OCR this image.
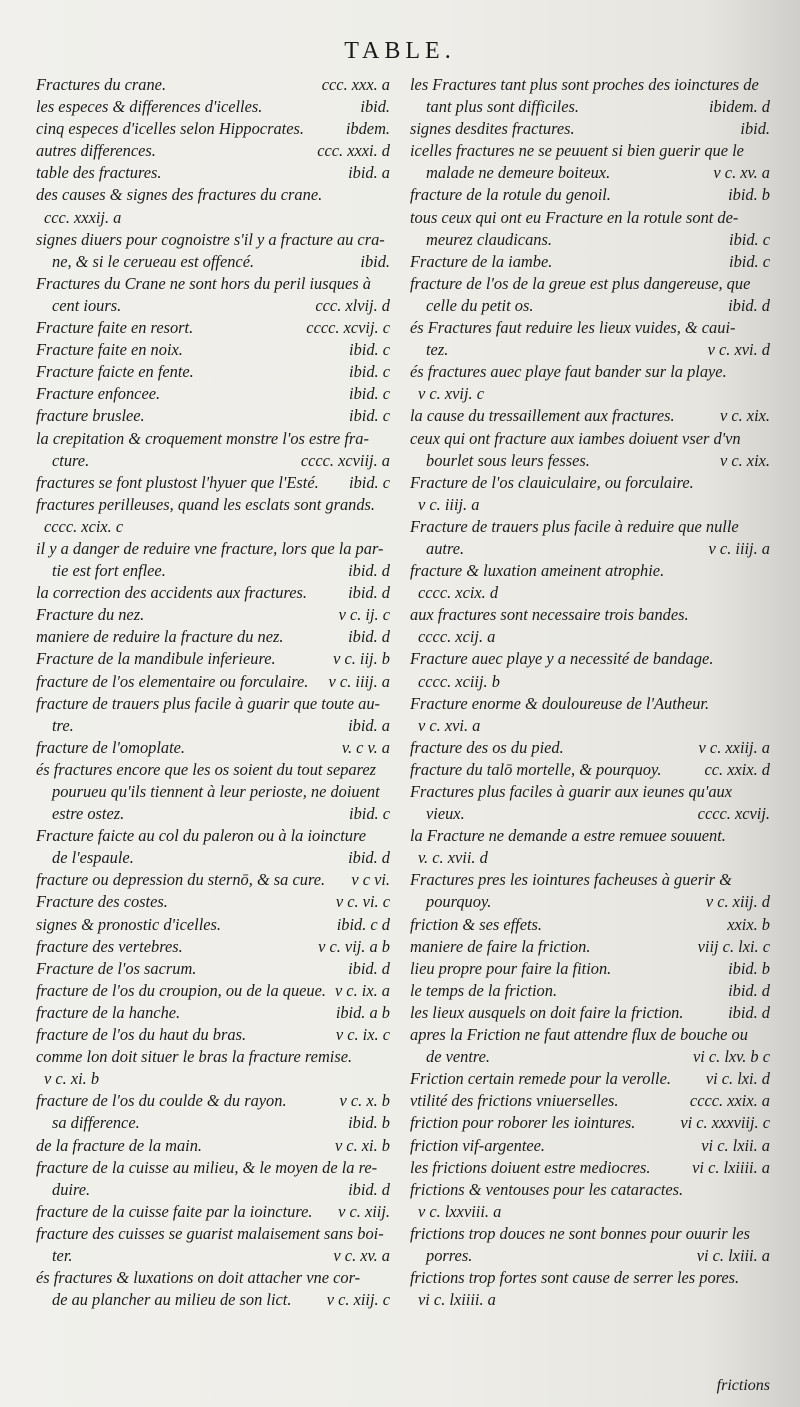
TABLE.
Fractures du crane.	ccc. xxx. a
les especes & differences d'icelles.	ibid.
cinq especes d'icelles selon Hippocrates.	ibdem.
autres differences.	ccc. xxxi. d
table des fractures.	ibid. a
des causes & signes des fractures du crane.
ccc. xxxij. a
signes diuers pour cognoistre s'il y a fracture au cra-
ne, & si le cerueau est offencé.	ibid.
Fractures du Crane ne sont hors du peril iusques à
cent iours.	ccc. xlvij. d
Fracture faite en resort.	cccc. xcvij. c
Fracture faite en noix.	ibid. c
Fracture faicte en fente.	ibid. c
Fracture enfoncee.	ibid. c
fracture bruslee.	ibid. c
la crepitation & croquement monstre l'os estre fra-
cture.	cccc. xcviij. a
fractures se font plustost l'hyuer que l'Esté. ibid. c
fractures perilleuses, quand les esclats sont grands.
cccc. xcix. c
il y a danger de reduire vne fracture, lors que la par-
tie est fort enflee.	ibid. d
la correction des accidents aux fractures.	ibid. d
Fracture du nez.	v c. ij. c
maniere de reduire la fracture du nez.	ibid. d
Fracture de la mandibule inferieure.	v c. iij. b
fracture de l'os elementaire ou forculaire. v c. iiij. a
fracture de trauers plus facile à guarir que toute au-
tre.	ibid. a
fracture de l'omoplate.	v. c v. a
és fractures encore que les os soient du tout separez
pourueu qu'ils tiennent à leur perioste, ne doiuent
estre ostez.	ibid. c
Fracture faicte au col du paleron ou à la ioincture
de l'espaule.	ibid. d
fracture ou depression du sternō, & sa cure. v c vi.
Fracture des costes.	v c. vi. c
signes & pronostic d'icelles.	ibid. c d
fracture des vertebres.	v c. vij. a b
Fracture de l'os sacrum.	ibid. d
fracture de l'os du croupion, ou de la queue. v c. ix. a
fracture de la hanche.	ibid. a b
fracture de l'os du haut du bras.	v c. ix. c
comme lon doit situer le bras la fracture remise.
v c. xi. b
fracture de l'os du coulde & du rayon.	v c. x. b
sa difference.	ibid. b
de la fracture de la main.	v c. xi. b
fracture de la cuisse au milieu, & le moyen de la re-
duire.	ibid. d
fracture de la cuisse faite par la ioincture. v c. xiij.
fracture des cuisses se guarist malaisement sans boi-
ter.	v c. xv. a
és fractures & luxations on doit attacher vne cor-
de au plancher au milieu de son lict. v c. xiij. c
les Fractures tant plus sont proches des ioinctures de
tant plus sont difficiles.	ibidem. d
signes desdites fractures.	ibid.
icelles fractures ne se peuuent si bien guerir que le
malade ne demeure boiteux.	v c. xv. a
fracture de la rotule du genoil.	ibid. b
tous ceux qui ont eu Fracture en la rotule sont de-
meurez claudicans.	ibid. c
Fracture de la iambe.	ibid. c
fracture de l'os de la greue est plus dangereuse, que
celle du petit os.	ibid. d
és Fractures faut reduire les lieux vuides, & caui-
tez.	v c. xvi. d
és fractures auec playe faut bander sur la playe.
v c. xvij. c
la cause du tressaillement aux fractures.	v c. xix.
ceux qui ont fracture aux iambes doiuent vser d'vn
bourlet sous leurs fesses.	v c. xix.
Fracture de l'os clauiculaire, ou forculaire.
v c. iiij. a
Fracture de trauers plus facile à reduire que nulle
autre.	v c. iiij. a
fracture & luxation ameinent atrophie.
cccc. xcix. d
aux fractures sont necessaire trois bandes.
cccc. xcij. a
Fracture auec playe y a necessité de bandage.
cccc. xciij. b
Fracture enorme & douloureuse de l'Autheur.
v c. xvi. a
fracture des os du pied.	v c. xxiij. a
fracture du talō mortelle, & pourquoy.	cc. xxix. d
Fractures plus faciles à guarir aux ieunes qu'aux
vieux.	cccc. xcvij.
la Fracture ne demande a estre remuee souuent.
v. c. xvii. d
Fractures pres les iointures facheuses à guerir &
pourquoy.	v c. xiij. d
friction & ses effets.	xxix. b
maniere de faire la friction.	viij c. lxi. c
lieu propre pour faire la fition.	ibid. b
le temps de la friction.	ibid. d
les lieux ausquels on doit faire la friction.	ibid. d
apres la Friction ne faut attendre flux de bouche ou
de ventre.	vi c. lxv. b c
Friction certain remede pour la verolle. vi c. lxi. d
vtilité des frictions vniuerselles.	cccc. xxix. a
friction pour roborer les iointures.	vi c. xxxviij. c
friction vif-argentee.	vi c. lxii. a
les frictions doiuent estre mediocres.	vi c. lxiiii. a
frictions & ventouses pour les cataractes.
v c. lxxviii. a
frictions trop douces ne sont bonnes pour ouurir les
porres.	vi c. lxiii. a
frictions trop fortes sont cause de serrer les pores.
vi c. lxiiii. a
frictions
